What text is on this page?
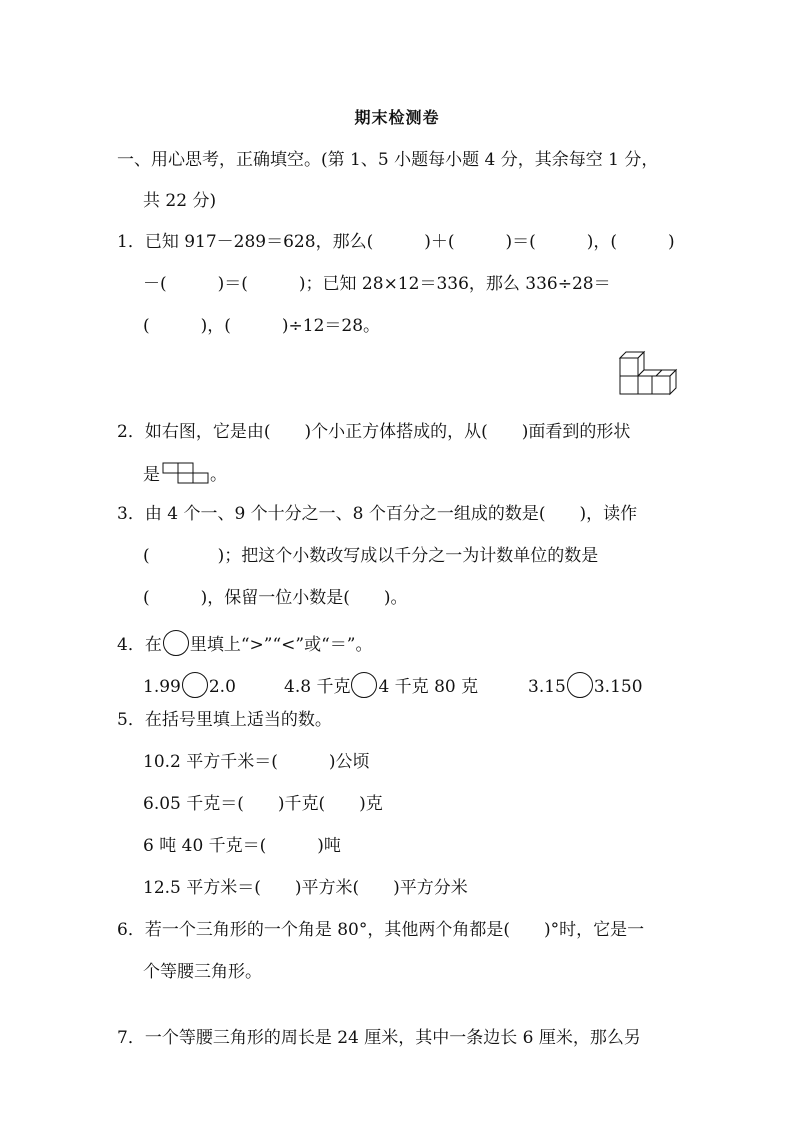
期末检测卷
一、用心思考，正确填空。(第 1、5 小题每小题 4 分，其余每空 1 分，
共 22 分)
1．已知 917－289＝628，那么(　　　)＋(　　　)＝(　　　)，(　　　)
－(　　　)＝(　　　)；已知 28×12＝336，那么 336÷28＝
(　　　)，(　　　)÷12＝28。
2．如右图，它是由(　　)个小正方体搭成的，从(　　)面看到的形状
是	。
3．由 4 个一、9 个十分之一、8 个百分之一组成的数是(　　)，读作
(　　　　)；把这个小数改写成以千分之一为计数单位的数是
(　　　)，保留一位小数是(　　)。
4．在 里填上“>”“<”或“＝”。
1.99 2.0	4.8 千克 4 千克 80 克	3.15 3.150
5．在括号里填上适当的数。
10.2 平方千米＝(　　　)公顷
6.05 千克＝(　　)千克(　　)克
6 吨 40 千克＝(　　　)吨
12.5 平方米＝(　　)平方米(　　)平方分米
6．若一个三角形的一个角是 80°，其他两个角都是(　　)°时，它是一
个等腰三角形。
7．一个等腰三角形的周长是 24 厘米，其中一条边长 6 厘米，那么另
